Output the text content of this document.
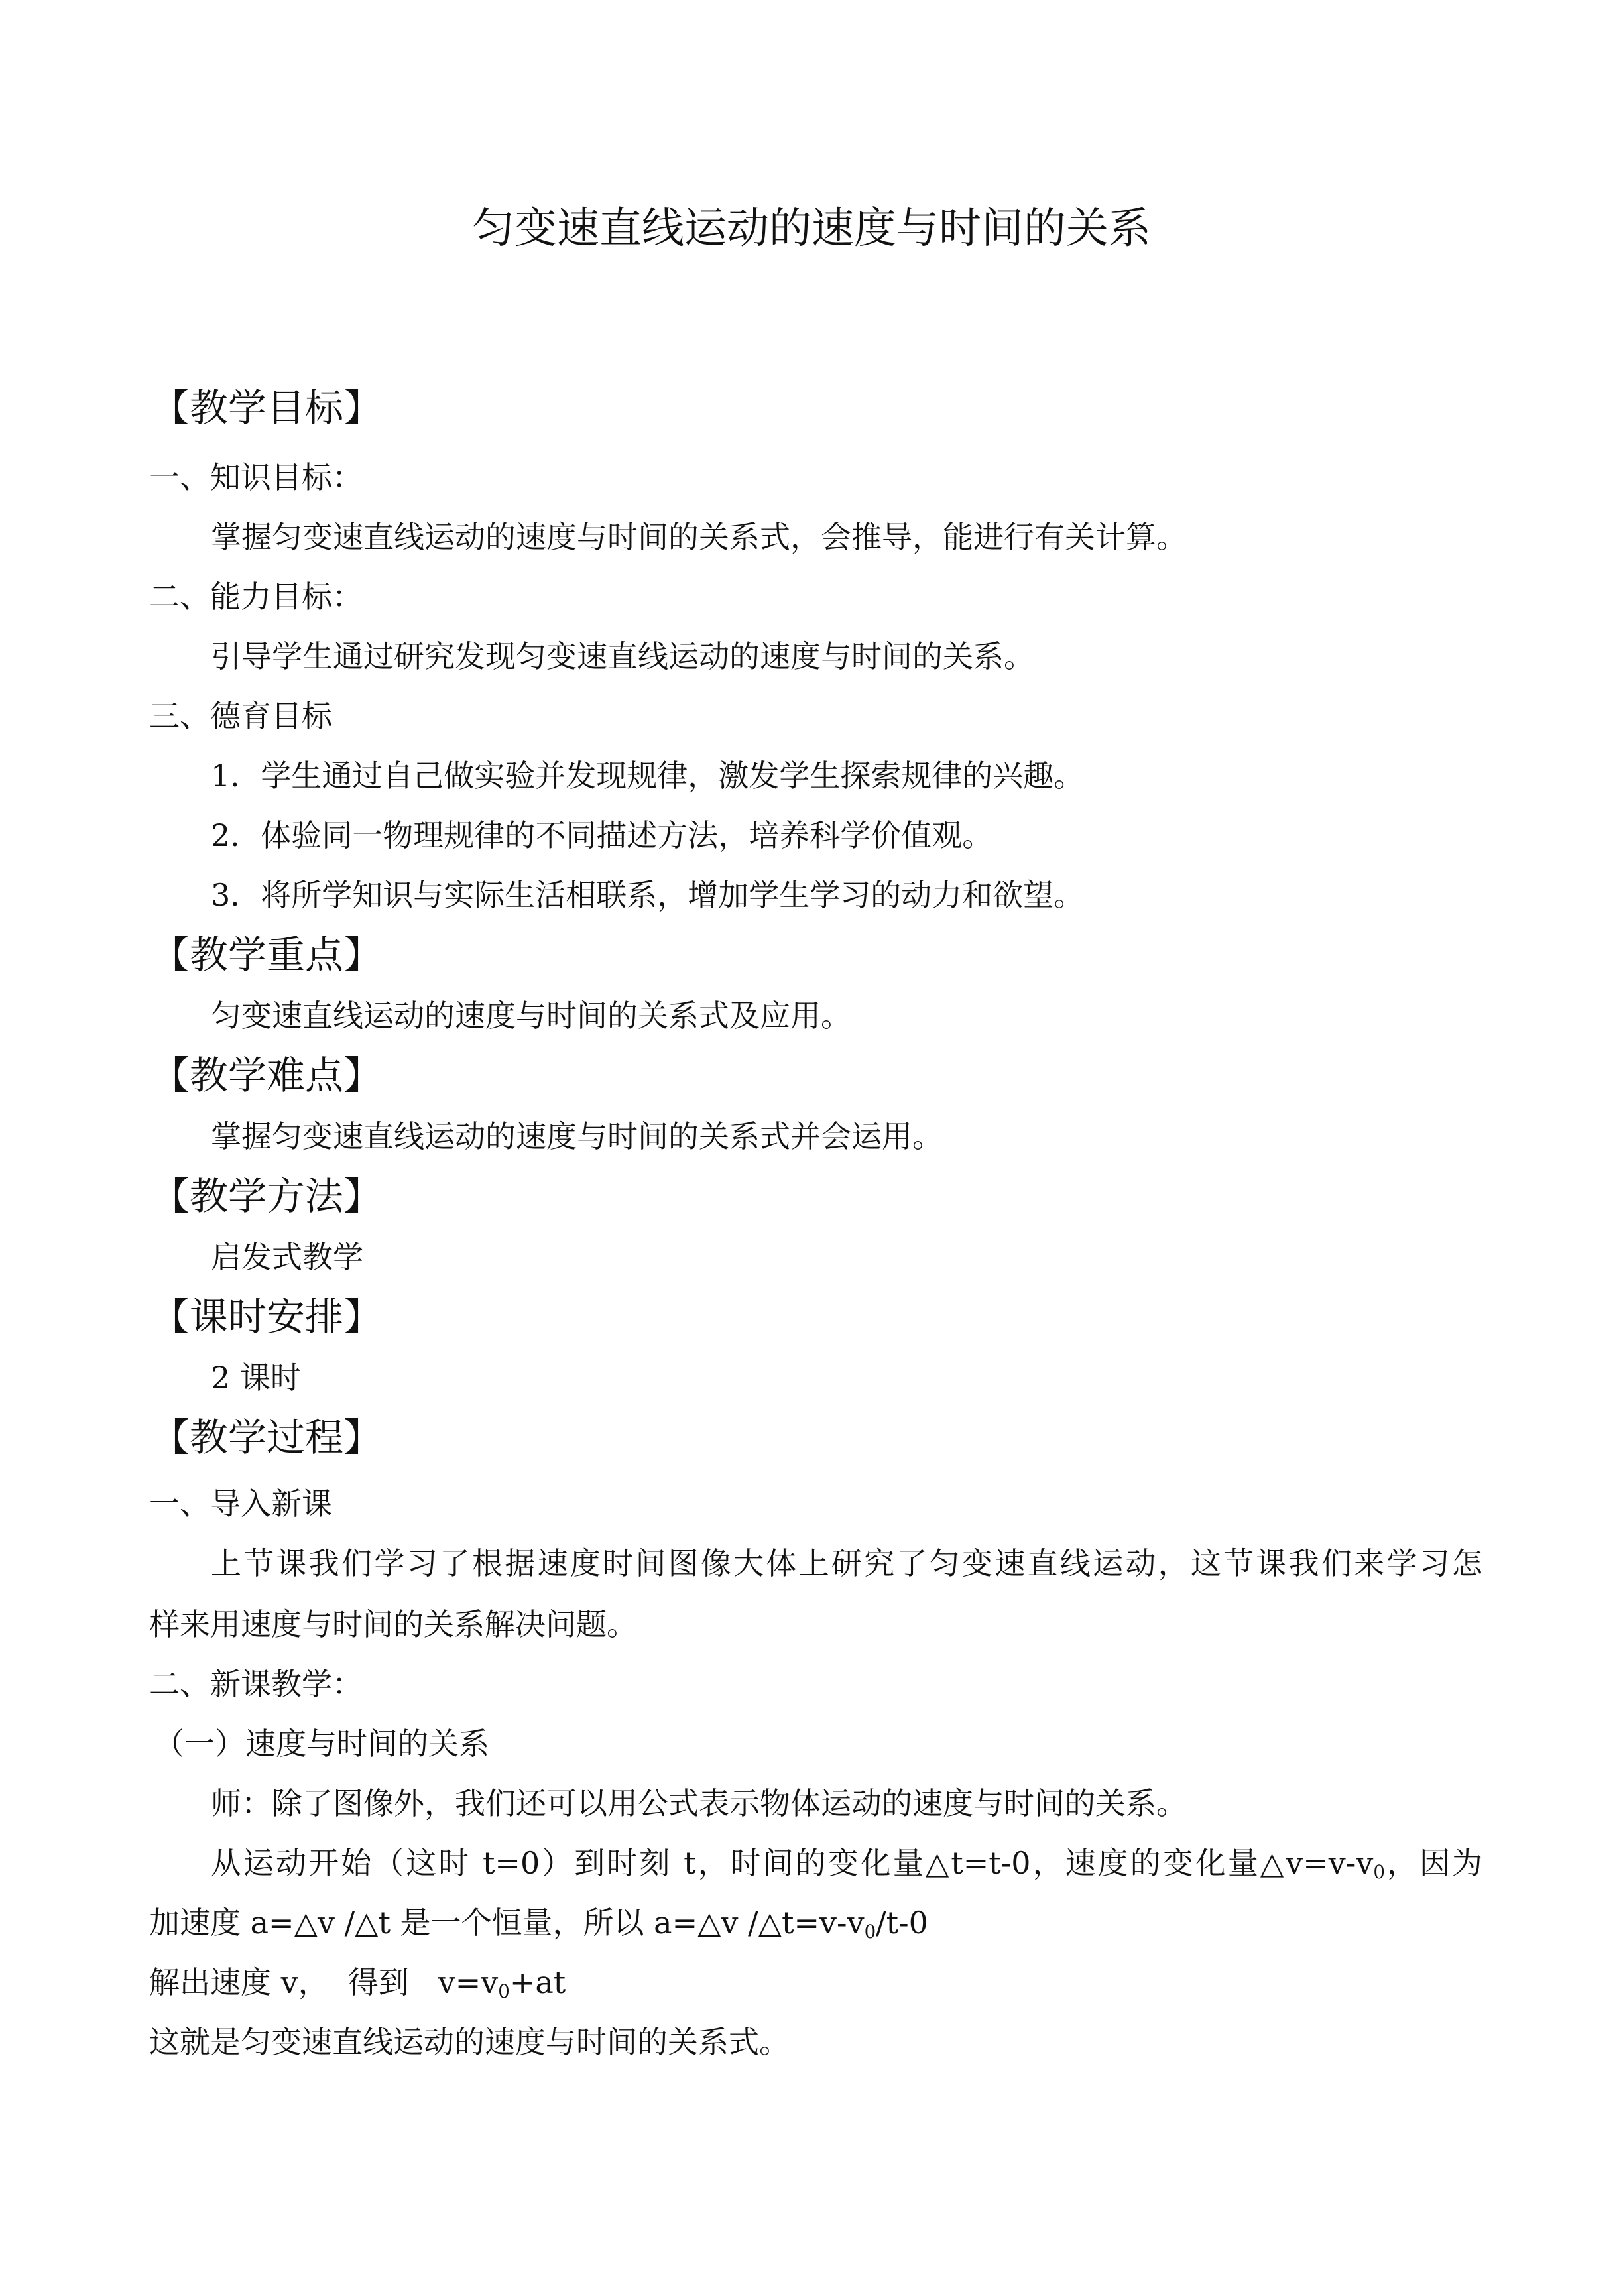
匀变速直线运动的速度与时间的关系
【教学目标】
一、知识目标：
掌握匀变速直线运动的速度与时间的关系式，会推导，能进行有关计算。
二、能力目标：
引导学生通过研究发现匀变速直线运动的速度与时间的关系。
三、德育目标
1．学生通过自己做实验并发现规律，激发学生探索规律的兴趣。
2．体验同一物理规律的不同描述方法，培养科学价值观。
3．将所学知识与实际生活相联系，增加学生学习的动力和欲望。
【教学重点】
匀变速直线运动的速度与时间的关系式及应用。
【教学难点】
掌握匀变速直线运动的速度与时间的关系式并会运用。
【教学方法】
启发式教学
【课时安排】
2 课时
【教学过程】
一、导入新课
上节课我们学习了根据速度时间图像大体上研究了匀变速直线运动，这节课我们来学习怎
样来用速度与时间的关系解决问题。
二、新课教学：
（一）速度与时间的关系
师：除了图像外，我们还可以用公式表示物体运动的速度与时间的关系。
从运动开始（这时 t=0）到时刻 t，时间的变化量△t=t-0，速度的变化量$\triangle v=v-v_0$，因为
加速度 a=△v /△t 是一个恒量，所以 a=△v $/\triangle t=v-v_0/t-0$
解出速度 v，  得到   $v=v_0+at$
这就是匀变速直线运动的速度与时间的关系式。
